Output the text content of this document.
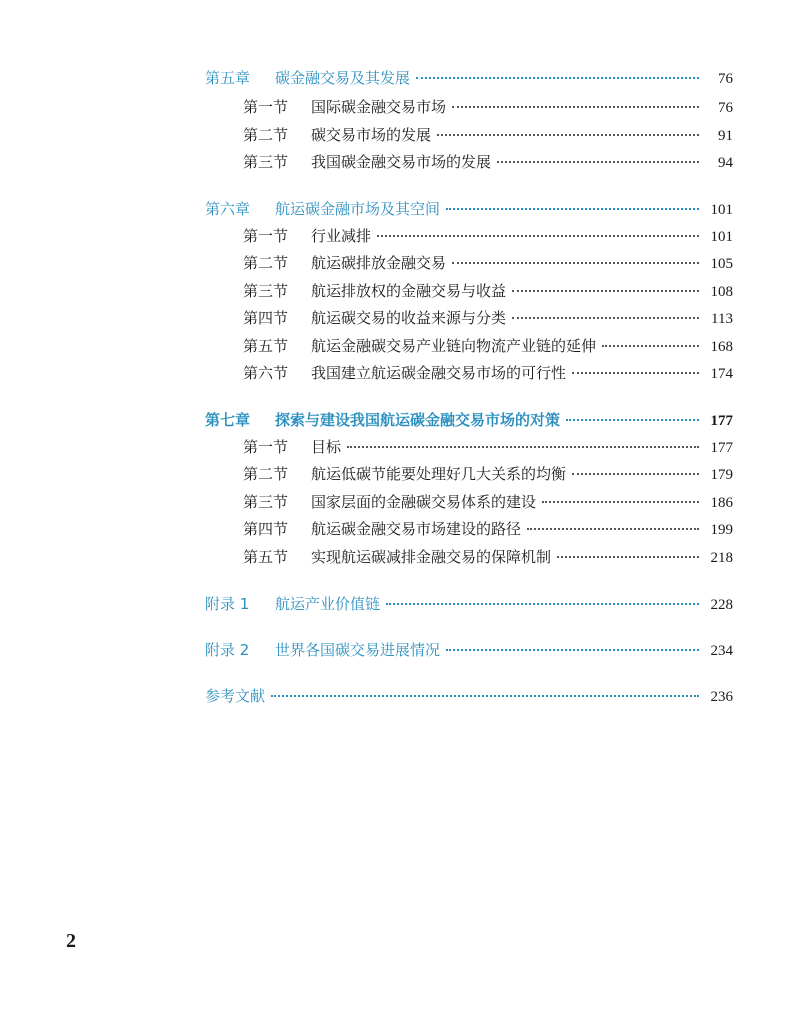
第五章 碳金融交易及其发展	76
第一节 国际碳金融交易市场	76
第二节 碳交易市场的发展	91
第三节 我国碳金融交易市场的发展	94
第六章 航运碳金融市场及其空间	101
第一节 行业减排	101
第二节 航运碳排放金融交易	105
第三节 航运排放权的金融交易与收益	108
第四节 航运碳交易的收益来源与分类	113
第五节 航运金融碳交易产业链向物流产业链的延伸	168
第六节 我国建立航运碳金融交易市场的可行性	174
第七章 探索与建设我国航运碳金融交易市场的对策	177
第一节 目标	177
第二节 航运低碳节能要处理好几大关系的均衡	179
第三节 国家层面的金融碳交易体系的建设	186
第四节 航运碳金融交易市场建设的路径	199
第五节 实现航运碳减排金融交易的保障机制	218
附录 1 航运产业价值链	228
附录 2 世界各国碳交易进展情况	234
参考文献	236
2
